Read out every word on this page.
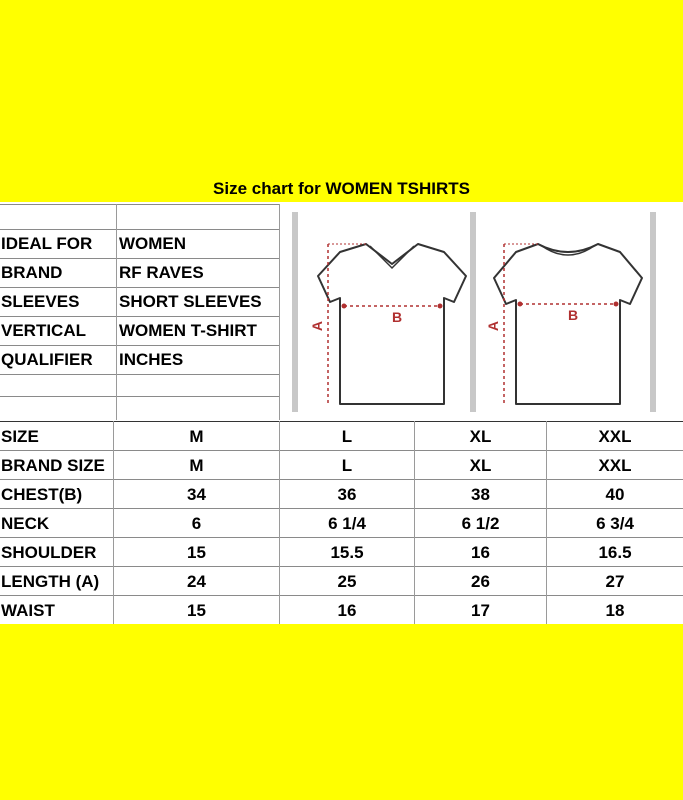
Size chart for WOMEN TSHIRTS
IDEAL FOR	WOMEN
BRAND	RF RAVES
SLEEVES	SHORT SLEEVES
VERTICAL	WOMEN T-SHIRT
QUALIFIER	INCHES
A
B
A
B
SIZE	M	L	XL	XXL
BRAND SIZE	M	L	XL	XXL
CHEST(B)	34	36	38	40
NECK	6	6 1/4	6 1/2	6 3/4
SHOULDER	15	15.5	16	16.5
LENGTH (A)	24	25	26	27
WAIST	15	16	17	18
